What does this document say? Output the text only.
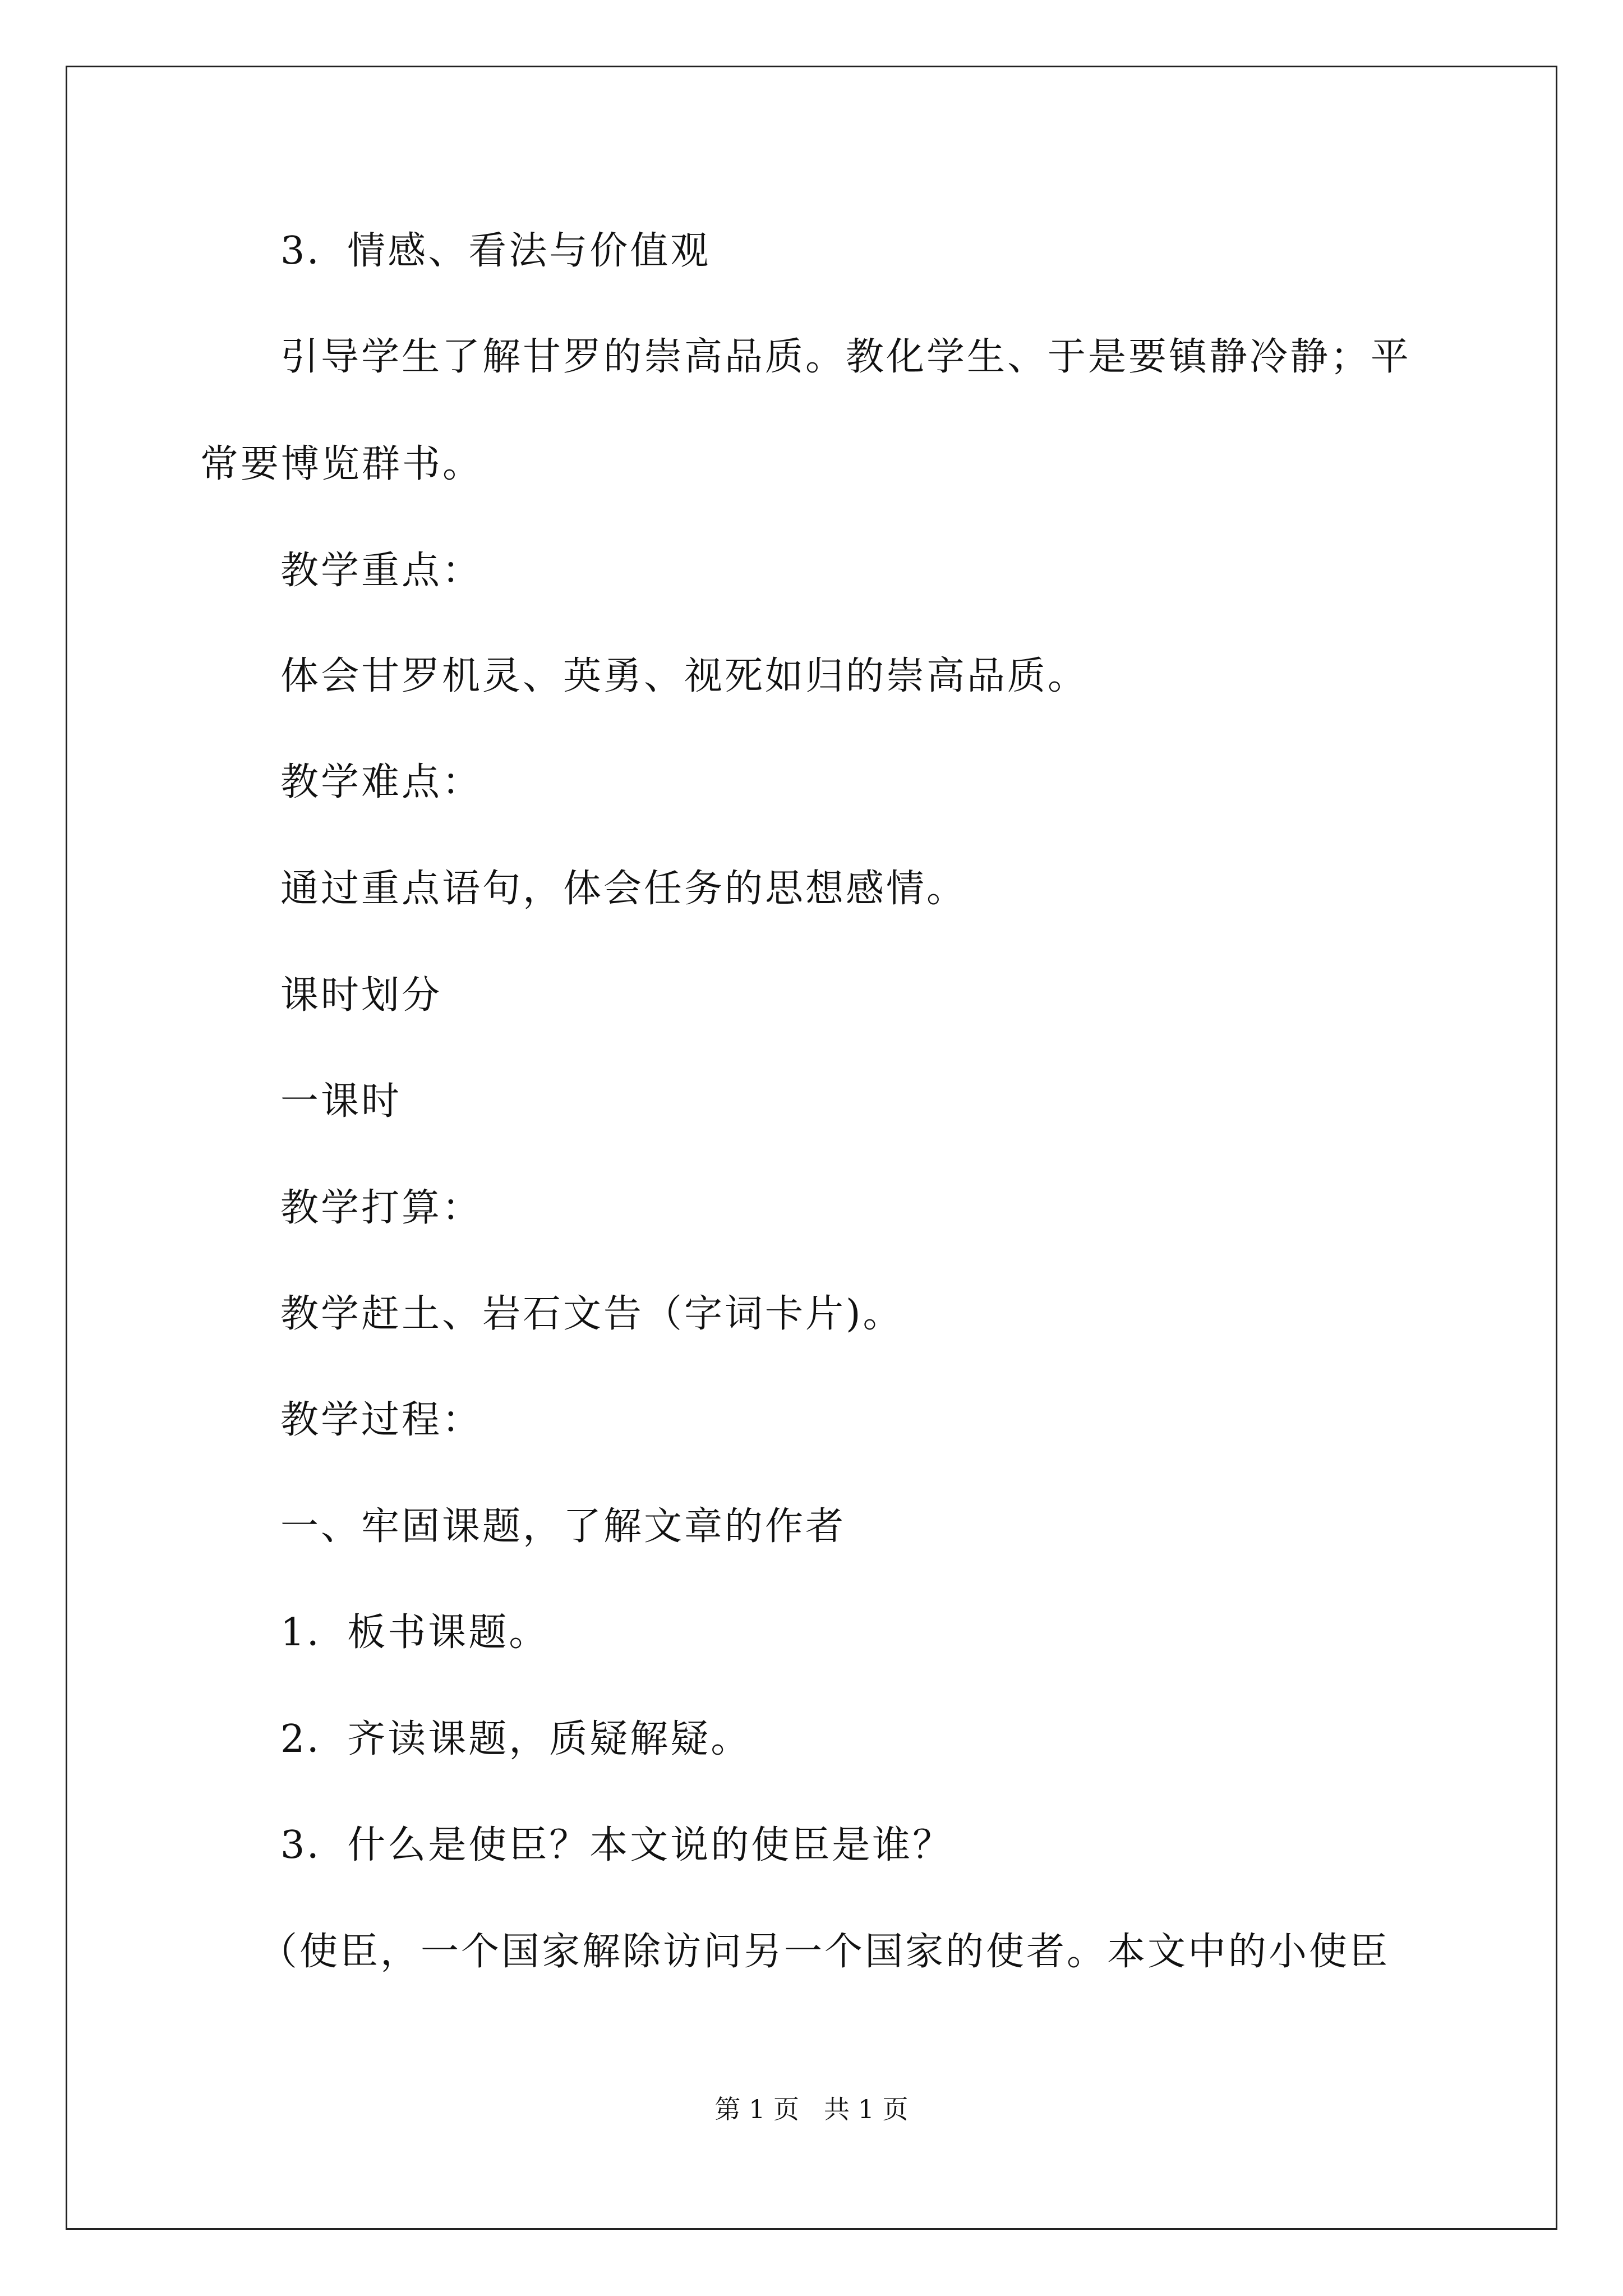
3．情感、看法与价值观
引导学生了解甘罗的崇高品质。教化学生、于是要镇静冷静；平
常要博览群书。
教学重点：
体会甘罗机灵、英勇、视死如归的崇高品质。
教学难点：
通过重点语句，体会任务的思想感情。
课时划分
一课时
教学打算：
教学赶土、岩石文告（字词卡片)。
教学过程：
一、牢固课题，了解文章的作者
1．板书课题。
2．齐读课题，质疑解疑。
3．什么是使臣？本文说的使臣是谁？
（使臣，一个国家解除访问另一个国家的使者。本文中的小使臣
第 1 页 共 1 页
